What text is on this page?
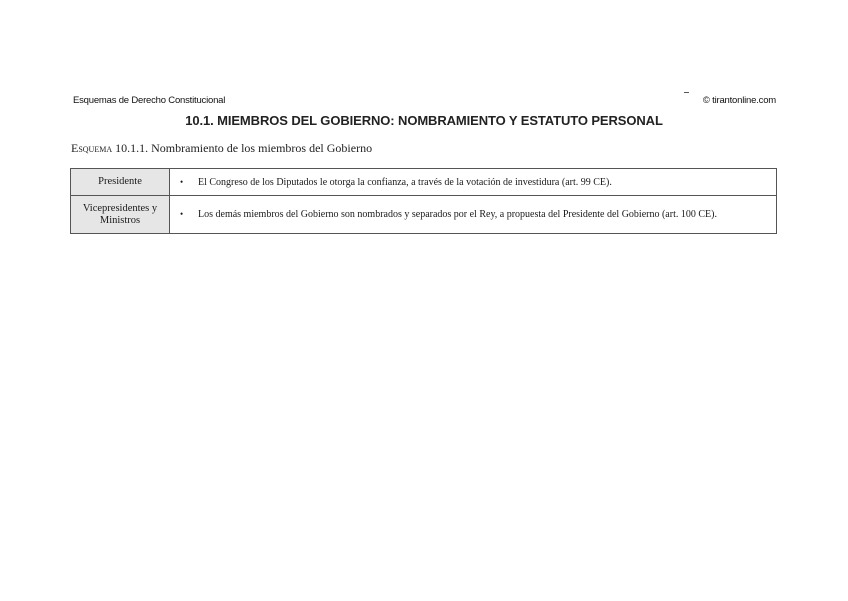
Esquemas de Derecho Constitucional	© tirantonline.com
10.1. MIEMBROS DEL GOBIERNO: NOMBRAMIENTO Y ESTATUTO PERSONAL
Esquema 10.1.1. Nombramiento de los miembros del Gobierno
Presidente	• El Congreso de los Diputados le otorga la confianza, a través de la votación de investidura (art. 99 CE).

Vicepresidentes y Ministros	• Los demás miembros del Gobierno son nombrados y separados por el Rey, a propuesta del Presidente del Gobierno (art. 100 CE).
